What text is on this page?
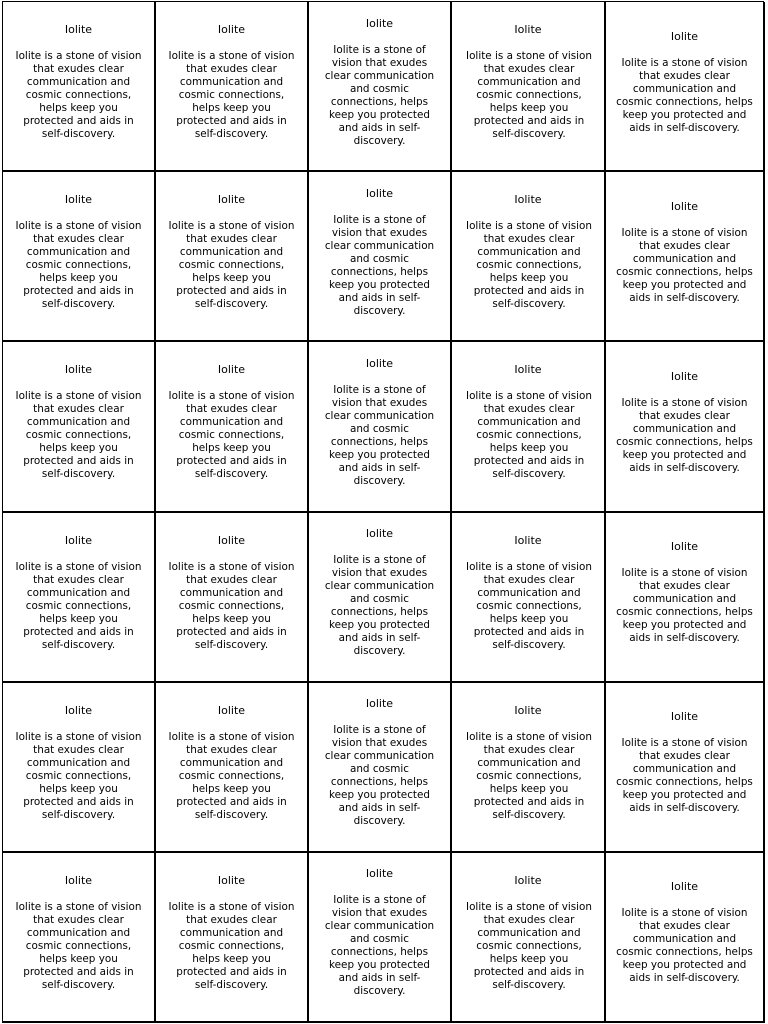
Iolite
Iolite is a stone of vision that exudes clear communication and cosmic connections, helps keep you protected and aids in self-discovery.
Iolite
Iolite is a stone of vision that exudes clear communication and cosmic connections, helps keep you protected and aids in self-discovery.
Iolite
Iolite is a stone of vision that exudes clear communication and cosmic connections, helps keep you protected and aids in self-discovery.
Iolite
Iolite is a stone of vision that exudes clear communication and cosmic connections, helps keep you protected and aids in self-discovery.
Iolite
Iolite is a stone of vision that exudes clear communication and cosmic connections, helps keep you protected and aids in self-discovery.
Iolite
Iolite is a stone of vision that exudes clear communication and cosmic connections, helps keep you protected and aids in self-discovery.
Iolite
Iolite is a stone of vision that exudes clear communication and cosmic connections, helps keep you protected and aids in self-discovery.
Iolite
Iolite is a stone of vision that exudes clear communication and cosmic connections, helps keep you protected and aids in self-discovery.
Iolite
Iolite is a stone of vision that exudes clear communication and cosmic connections, helps keep you protected and aids in self-discovery.
Iolite
Iolite is a stone of vision that exudes clear communication and cosmic connections, helps keep you protected and aids in self-discovery.
Iolite
Iolite is a stone of vision that exudes clear communication and cosmic connections, helps keep you protected and aids in self-discovery.
Iolite
Iolite is a stone of vision that exudes clear communication and cosmic connections, helps keep you protected and aids in self-discovery.
Iolite
Iolite is a stone of vision that exudes clear communication and cosmic connections, helps keep you protected and aids in self-discovery.
Iolite
Iolite is a stone of vision that exudes clear communication and cosmic connections, helps keep you protected and aids in self-discovery.
Iolite
Iolite is a stone of vision that exudes clear communication and cosmic connections, helps keep you protected and aids in self-discovery.
Iolite
Iolite is a stone of vision that exudes clear communication and cosmic connections, helps keep you protected and aids in self-discovery.
Iolite
Iolite is a stone of vision that exudes clear communication and cosmic connections, helps keep you protected and aids in self-discovery.
Iolite
Iolite is a stone of vision that exudes clear communication and cosmic connections, helps keep you protected and aids in self-discovery.
Iolite
Iolite is a stone of vision that exudes clear communication and cosmic connections, helps keep you protected and aids in self-discovery.
Iolite
Iolite is a stone of vision that exudes clear communication and cosmic connections, helps keep you protected and aids in self-discovery.
Iolite
Iolite is a stone of vision that exudes clear communication and cosmic connections, helps keep you protected and aids in self-discovery.
Iolite
Iolite is a stone of vision that exudes clear communication and cosmic connections, helps keep you protected and aids in self-discovery.
Iolite
Iolite is a stone of vision that exudes clear communication and cosmic connections, helps keep you protected and aids in self-discovery.
Iolite
Iolite is a stone of vision that exudes clear communication and cosmic connections, helps keep you protected and aids in self-discovery.
Iolite
Iolite is a stone of vision that exudes clear communication and cosmic connections, helps keep you protected and aids in self-discovery.
Iolite
Iolite is a stone of vision that exudes clear communication and cosmic connections, helps keep you protected and aids in self-discovery.
Iolite
Iolite is a stone of vision that exudes clear communication and cosmic connections, helps keep you protected and aids in self-discovery.
Iolite
Iolite is a stone of vision that exudes clear communication and cosmic connections, helps keep you protected and aids in self-discovery.
Iolite
Iolite is a stone of vision that exudes clear communication and cosmic connections, helps keep you protected and aids in self-discovery.
Iolite
Iolite is a stone of vision that exudes clear communication and cosmic connections, helps keep you protected and aids in self-discovery.
